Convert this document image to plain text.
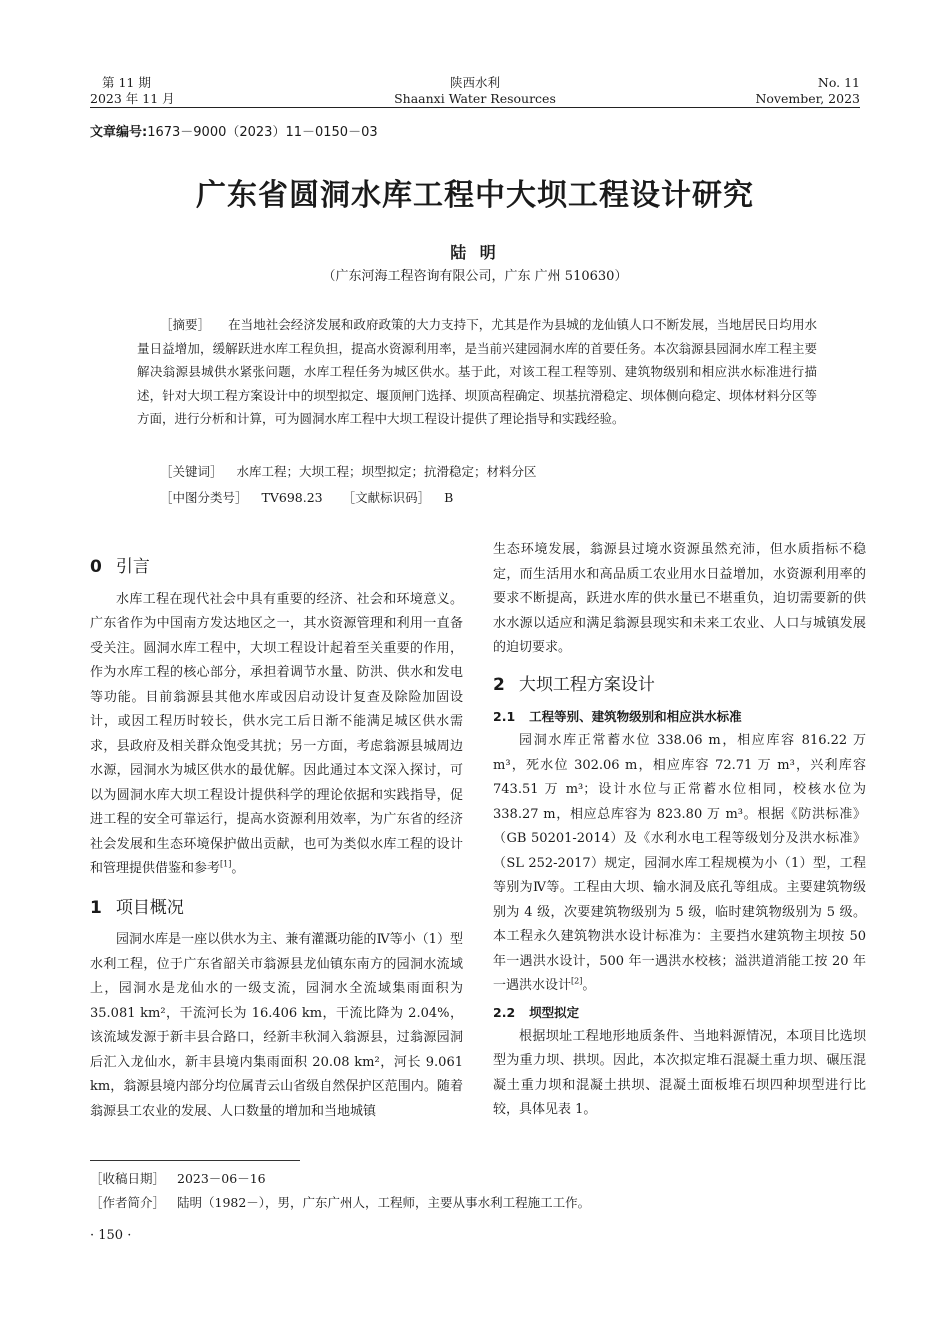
第 11 期
2023 年 11 月
陕西水利
Shaanxi Water Resources
No. 11
November, 2023
文章编号:1673－9000（2023）11－0150－03
广东省圆洞水库工程中大坝工程设计研究
陆 明
（广东河海工程咨询有限公司，广东 广州 510630）
［摘要］ 在当地社会经济发展和政府政策的大力支持下，尤其是作为县城的龙仙镇人口不断发展，当地居民日均用水量日益增加，缓解跃进水库工程负担，提高水资源利用率，是当前兴建园洞水库的首要任务。本次翁源县园洞水库工程主要解决翁源县城供水紧张问题，水库工程任务为城区供水。基于此，对该工程工程等别、建筑物级别和相应洪水标准进行描述，针对大坝工程方案设计中的坝型拟定、堰顶闸门选择、坝顶高程确定、坝基抗滑稳定、坝体侧向稳定、坝体材料分区等方面，进行分析和计算，可为圆洞水库工程中大坝工程设计提供了理论指导和实践经验。
［关键词］ 水库工程；大坝工程；坝型拟定；抗滑稳定；材料分区
［中图分类号］ TV698.23 ［文献标识码］ B
0 引言

水库工程在现代社会中具有重要的经济、社会和环境意义。广东省作为中国南方发达地区之一，其水资源管理和利用一直备受关注。圆洞水库工程中，大坝工程设计起着至关重要的作用，作为水库工程的核心部分，承担着调节水量、防洪、供水和发电等功能。目前翁源县其他水库或因启动设计复查及除险加固设计，或因工程历时较长，供水完工后日渐不能满足城区供水需求，县政府及相关群众饱受其扰；另一方面，考虑翁源县城周边水源，园洞水为城区供水的最优解。因此通过本文深入探讨，可以为圆洞水库大坝工程设计提供科学的理论依据和实践指导，促进工程的安全可靠运行，提高水资源利用效率，为广东省的经济社会发展和生态环境保护做出贡献，也可为类似水库工程的设计和管理提供借鉴和参考[1]。

1 项目概况

园洞水库是一座以供水为主、兼有灌溉功能的Ⅳ等小（1）型水利工程，位于广东省韶关市翁源县龙仙镇东南方的园洞水流域上，园洞水是龙仙水的一级支流，园洞水全流域集雨面积为 35.081 km²，干流河长为 16.406 km，干流比降为 2.04%，该流域发源于新丰县合路口，经新丰秋洞入翁源县，过翁源园洞后汇入龙仙水，新丰县境内集雨面积 20.08 km²，河长 9.061 km，翁源县境内部分均位属青云山省级自然保护区范围内。随着翁源县工农业的发展、人口数量的增加和当地城镇

生态环境发展，翁源县过境水资源虽然充沛，但水质指标不稳定，而生活用水和高品质工农业用水日益增加，水资源利用率的要求不断提高，跃进水库的供水量已不堪重负，迫切需要新的供水水源以适应和满足翁源县现实和未来工农业、人口与城镇发展的迫切要求。

2 大坝工程方案设计
2.1 工程等别、建筑物级别和相应洪水标准

园洞水库正常蓄水位 338.06 m，相应库容 816.22 万 m³，死水位 302.06 m，相应库容 72.71 万 m³，兴利库容 743.51 万 m³；设计水位与正常蓄水位相同，校核水位为 338.27 m，相应总库容为 823.80 万 m³。根据《防洪标准》（GB 50201-2014）及《水利水电工程等级划分及洪水标准》（SL 252-2017）规定，园洞水库工程规模为小（1）型，工程等别为Ⅳ等。工程由大坝、输水洞及底孔等组成。主要建筑物级别为 4 级，次要建筑物级别为 5 级，临时建筑物级别为 5 级。本工程永久建筑物洪水设计标准为：主要挡水建筑物主坝按 50 年一遇洪水设计，500 年一遇洪水校核；溢洪道消能工按 20 年一遇洪水设计[2]。

2.2 坝型拟定

根据坝址工程地形地质条件、当地料源情况，本项目比选坝型为重力坝、拱坝。因此，本次拟定堆石混凝土重力坝、碾压混凝土重力坝和混凝土拱坝、混凝土面板堆石坝四种坝型进行比较，具体见表 1。

［收稿日期］ 2023－06－16
［作者简介］ 陆明（1982－），男，广东广州人，工程师，主要从事水利工程施工工作。
· 150 ·
